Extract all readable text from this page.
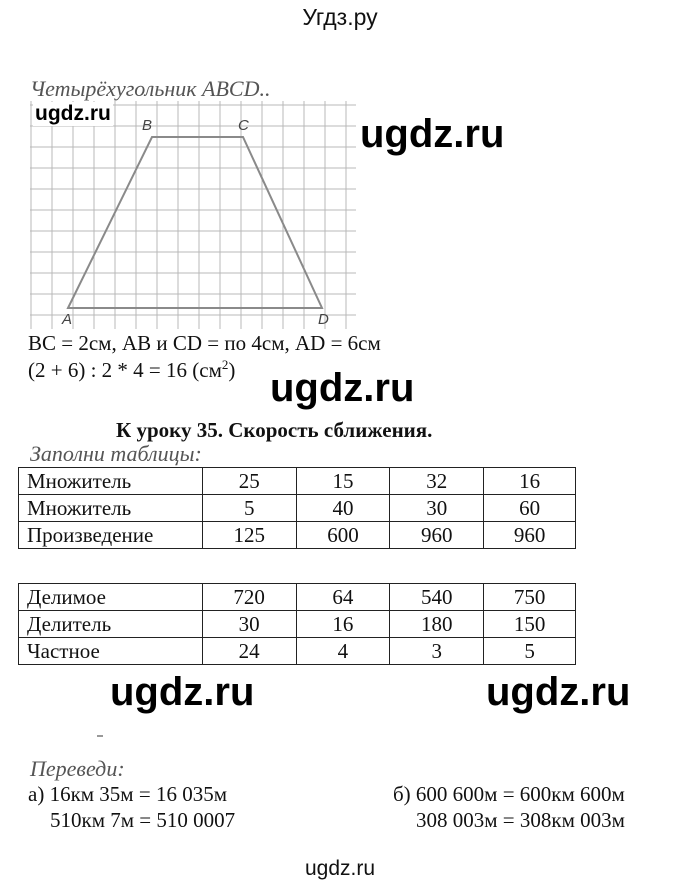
Угдз.ру
Четырёхугольник ABCD..
B	C
A	D
ugdz.ru	ugdz.ru
BC = 2см, AB и CD = по 4см, AD = 6см
(2 + 6) : 2 * 4 = 16 $(см^2)$ ugdz.ru
К уроку 35. Скорость сближения.
Заполни таблицы:
Множитель	25	15	32	16
Множитель	5	40	30	60
Произведение	125	600	960	960
Делимое	720	64	540	750
Делитель	30	16	180	150
Частное	24	4	3	5
ugdz.ru	ugdz.ru
Переведи:
а) 16км 35м = 16 035м
510км 7м = 510 0007
б) 600 600м = 600км 600м
308 003м = 308км 003м
ugdz.ru
